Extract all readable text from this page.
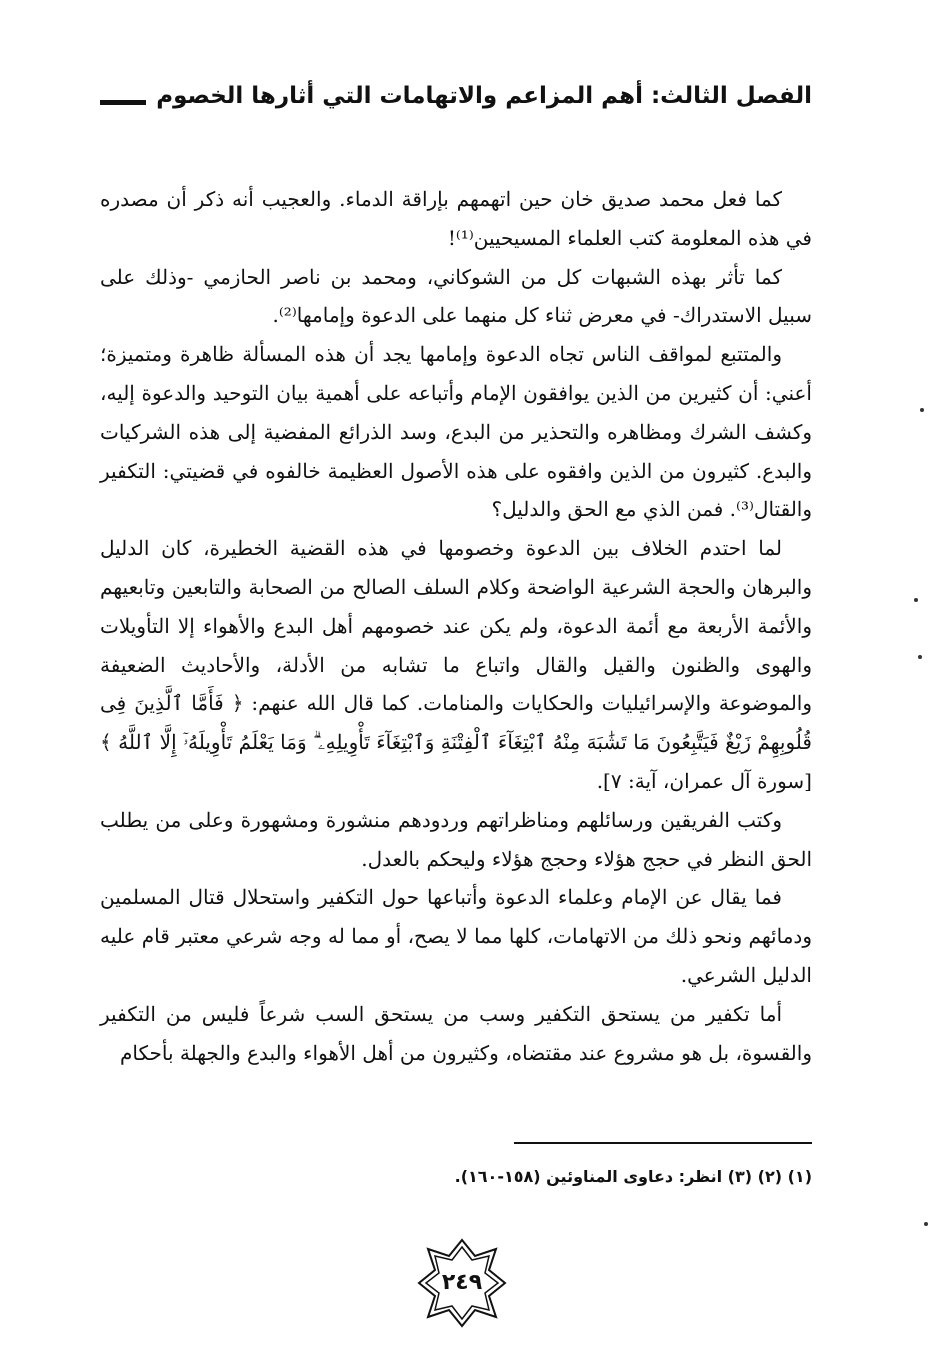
الفصل الثالث: أهم المزاعم والاتهامات التي أثارها الخصوم

كما فعل محمد صديق خان حين اتهمهم بإراقة الدماء. والعجيب أنه ذكر أن مصدره في هذه المعلومة كتب العلماء المسيحيين⁽¹⁾!

كما تأثر بهذه الشبهات كل من الشوكاني، ومحمد بن ناصر الحازمي -وذلك على سبيل الاستدراك- في معرض ثناء كل منهما على الدعوة وإمامها⁽²⁾.

والمتتبع لمواقف الناس تجاه الدعوة وإمامها يجد أن هذه المسألة ظاهرة ومتميزة؛ أعني: أن كثيرين من الذين يوافقون الإمام وأتباعه على أهمية بيان التوحيد والدعوة إليه، وكشف الشرك ومظاهره والتحذير من البدع، وسد الذرائع المفضية إلى هذه الشركيات والبدع. كثيرون من الذين وافقوه على هذه الأصول العظيمة خالفوه في قضيتي: التكفير والقتال⁽³⁾. فمن الذي مع الحق والدليل؟

لما احتدم الخلاف بين الدعوة وخصومها في هذه القضية الخطيرة، كان الدليل والبرهان والحجة الشرعية الواضحة وكلام السلف الصالح من الصحابة والتابعين وتابعيهم والأئمة الأربعة مع أئمة الدعوة، ولم يكن عند خصومهم أهل البدع والأهواء إلا التأويلات والهوى والظنون والقيل والقال واتباع ما تشابه من الأدلة، والأحاديث الضعيفة والموضوعة والإسرائيليات والحكايات والمنامات. كما قال الله عنهم: ﴿ فَأَمَّا ٱلَّذِينَ فِى قُلُوبِهِمْ زَيْغٌ فَيَتَّبِعُونَ مَا تَشَٰبَهَ مِنْهُ ٱبْتِغَآءَ ٱلْفِتْنَةِ وَٱبْتِغَآءَ تَأْوِيلِهِۦ ۗ وَمَا يَعْلَمُ تَأْوِيلَهُۥٓ إِلَّا ٱللَّهُ ﴾ [سورة آل عمران، آية: ٧].

وكتب الفريقين ورسائلهم ومناظراتهم وردودهم منشورة ومشهورة وعلى من يطلب الحق النظر في حجج هؤلاء وحجج هؤلاء وليحكم بالعدل.

فما يقال عن الإمام وعلماء الدعوة وأتباعها حول التكفير واستحلال قتال المسلمين ودمائهم ونحو ذلك من الاتهامات، كلها مما لا يصح، أو مما له وجه شرعي معتبر قام عليه الدليل الشرعي.

أما تكفير من يستحق التكفير وسب من يستحق السب شرعاً فليس من التكفير والقسوة، بل هو مشروع عند مقتضاه، وكثيرون من أهل الأهواء والبدع والجهلة بأحكام

(١) (٢) (٣) انظر: دعاوى المناوئين (١٥٨-١٦٠).
٢٤٩
